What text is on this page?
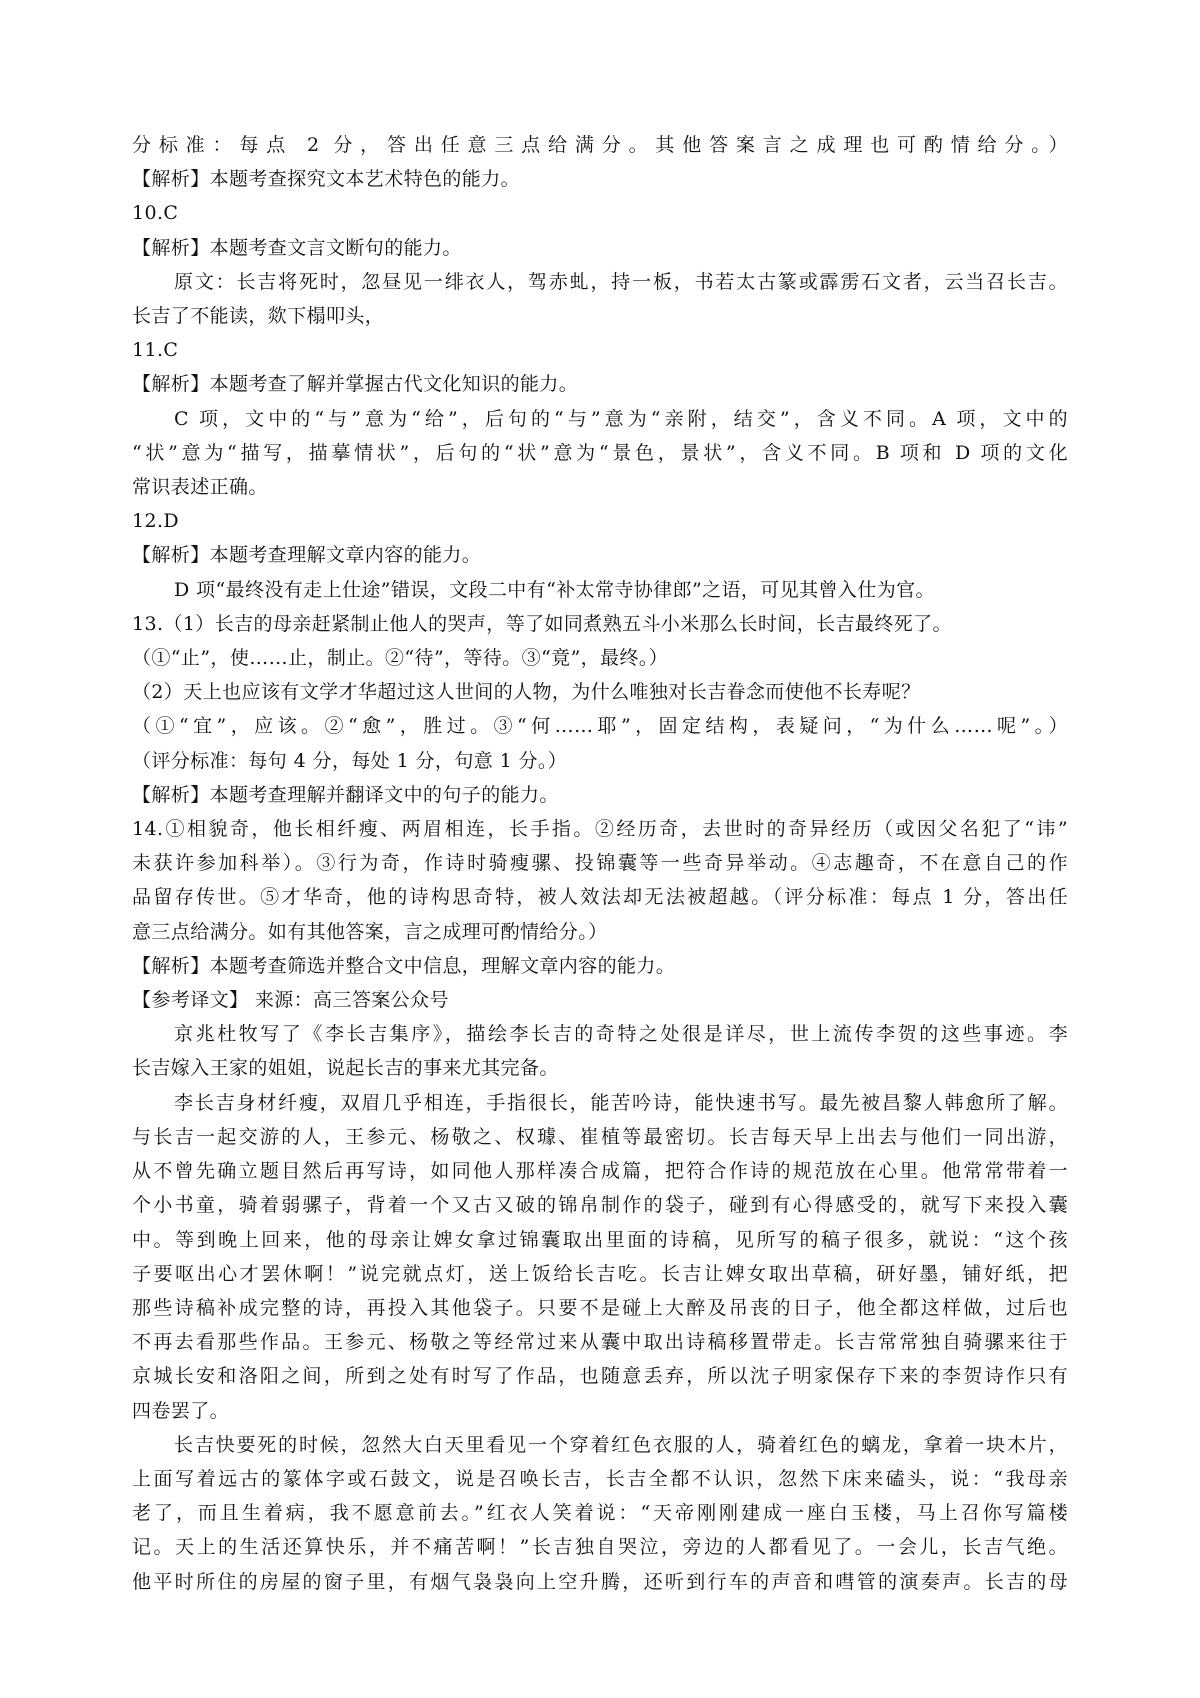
分标准：每点 2 分，答出任意三点给满分。其他答案言之成理也可酌情给分。）

【解析】本题考查探究文本艺术特色的能力。

10.C

【解析】本题考查文言文断句的能力。

原文：长吉将死时，忽昼见一绯衣人，驾赤虬，持一板，书若太古篆或霹雳石文者，云当召长吉。

长吉了不能读，欻下榻叩头，

11.C

【解析】本题考查了解并掌握古代文化知识的能力。

C 项，文中的“与”意为“给”，后句的“与”意为“亲附，结交”，含义不同。A 项，文中的

“状”意为“描写，描摹情状”，后句的“状”意为“景色，景状”，含义不同。B 项和 D 项的文化

常识表述正确。

12.D

【解析】本题考查理解文章内容的能力。

D 项“最终没有走上仕途”错误，文段二中有“补太常寺协律郎”之语，可见其曾入仕为官。

13.（1）长吉的母亲赶紧制止他人的哭声，等了如同煮熟五斗小米那么长时间，长吉最终死了。

（①“止”，使……止，制止。②“待”，等待。③“竟”，最终。）

（2）天上也应该有文学才华超过这人世间的人物，为什么唯独对长吉眷念而使他不长寿呢？

（①“宜”，应该。②“愈”，胜过。③“何……耶”，固定结构，表疑问，“为什么……呢”。）

（评分标准：每句 4 分，每处 1 分，句意 1 分。）

【解析】本题考查理解并翻译文中的句子的能力。

14.①相貌奇，他长相纤瘦、两眉相连，长手指。②经历奇，去世时的奇异经历（或因父名犯了“讳”

未获许参加科举）。③行为奇，作诗时骑瘦骡、投锦囊等一些奇异举动。④志趣奇，不在意自己的作

品留存传世。⑤才华奇，他的诗构思奇特，被人效法却无法被超越。（评分标准：每点 1 分，答出任

意三点给满分。如有其他答案，言之成理可酌情给分。）

【解析】本题考查筛选并整合文中信息，理解文章内容的能力。

【参考译文】 来源：高三答案公众号

京兆杜牧写了《李长吉集序》，描绘李长吉的奇特之处很是详尽，世上流传李贺的这些事迹。李

长吉嫁入王家的姐姐，说起长吉的事来尤其完备。

李长吉身材纤瘦，双眉几乎相连，手指很长，能苦吟诗，能快速书写。最先被昌黎人韩愈所了解。

与长吉一起交游的人，王参元、杨敬之、权璩、崔植等最密切。长吉每天早上出去与他们一同出游，

从不曾先确立题目然后再写诗，如同他人那样凑合成篇，把符合作诗的规范放在心里。他常常带着一

个小书童，骑着弱骡子，背着一个又古又破的锦帛制作的袋子，碰到有心得感受的，就写下来投入囊

中。等到晚上回来，他的母亲让婢女拿过锦囊取出里面的诗稿，见所写的稿子很多，就说：“这个孩

子要呕出心才罢休啊！”说完就点灯，送上饭给长吉吃。长吉让婢女取出草稿，研好墨，铺好纸，把

那些诗稿补成完整的诗，再投入其他袋子。只要不是碰上大醉及吊丧的日子，他全都这样做，过后也

不再去看那些作品。王参元、杨敬之等经常过来从囊中取出诗稿移置带走。长吉常常独自骑骡来往于

京城长安和洛阳之间，所到之处有时写了作品，也随意丢弃，所以沈子明家保存下来的李贺诗作只有

四卷罢了。

长吉快要死的时候，忽然大白天里看见一个穿着红色衣服的人，骑着红色的螭龙，拿着一块木片，

上面写着远古的篆体字或石鼓文，说是召唤长吉，长吉全都不认识，忽然下床来磕头，说：“我母亲

老了，而且生着病，我不愿意前去。”红衣人笑着说：“天帝刚刚建成一座白玉楼，马上召你写篇楼

记。天上的生活还算快乐，并不痛苦啊！”长吉独自哭泣，旁边的人都看见了。一会儿，长吉气绝。

他平时所住的房屋的窗子里，有烟气袅袅向上空升腾，还听到行车的声音和嘒管的演奏声。长吉的母
